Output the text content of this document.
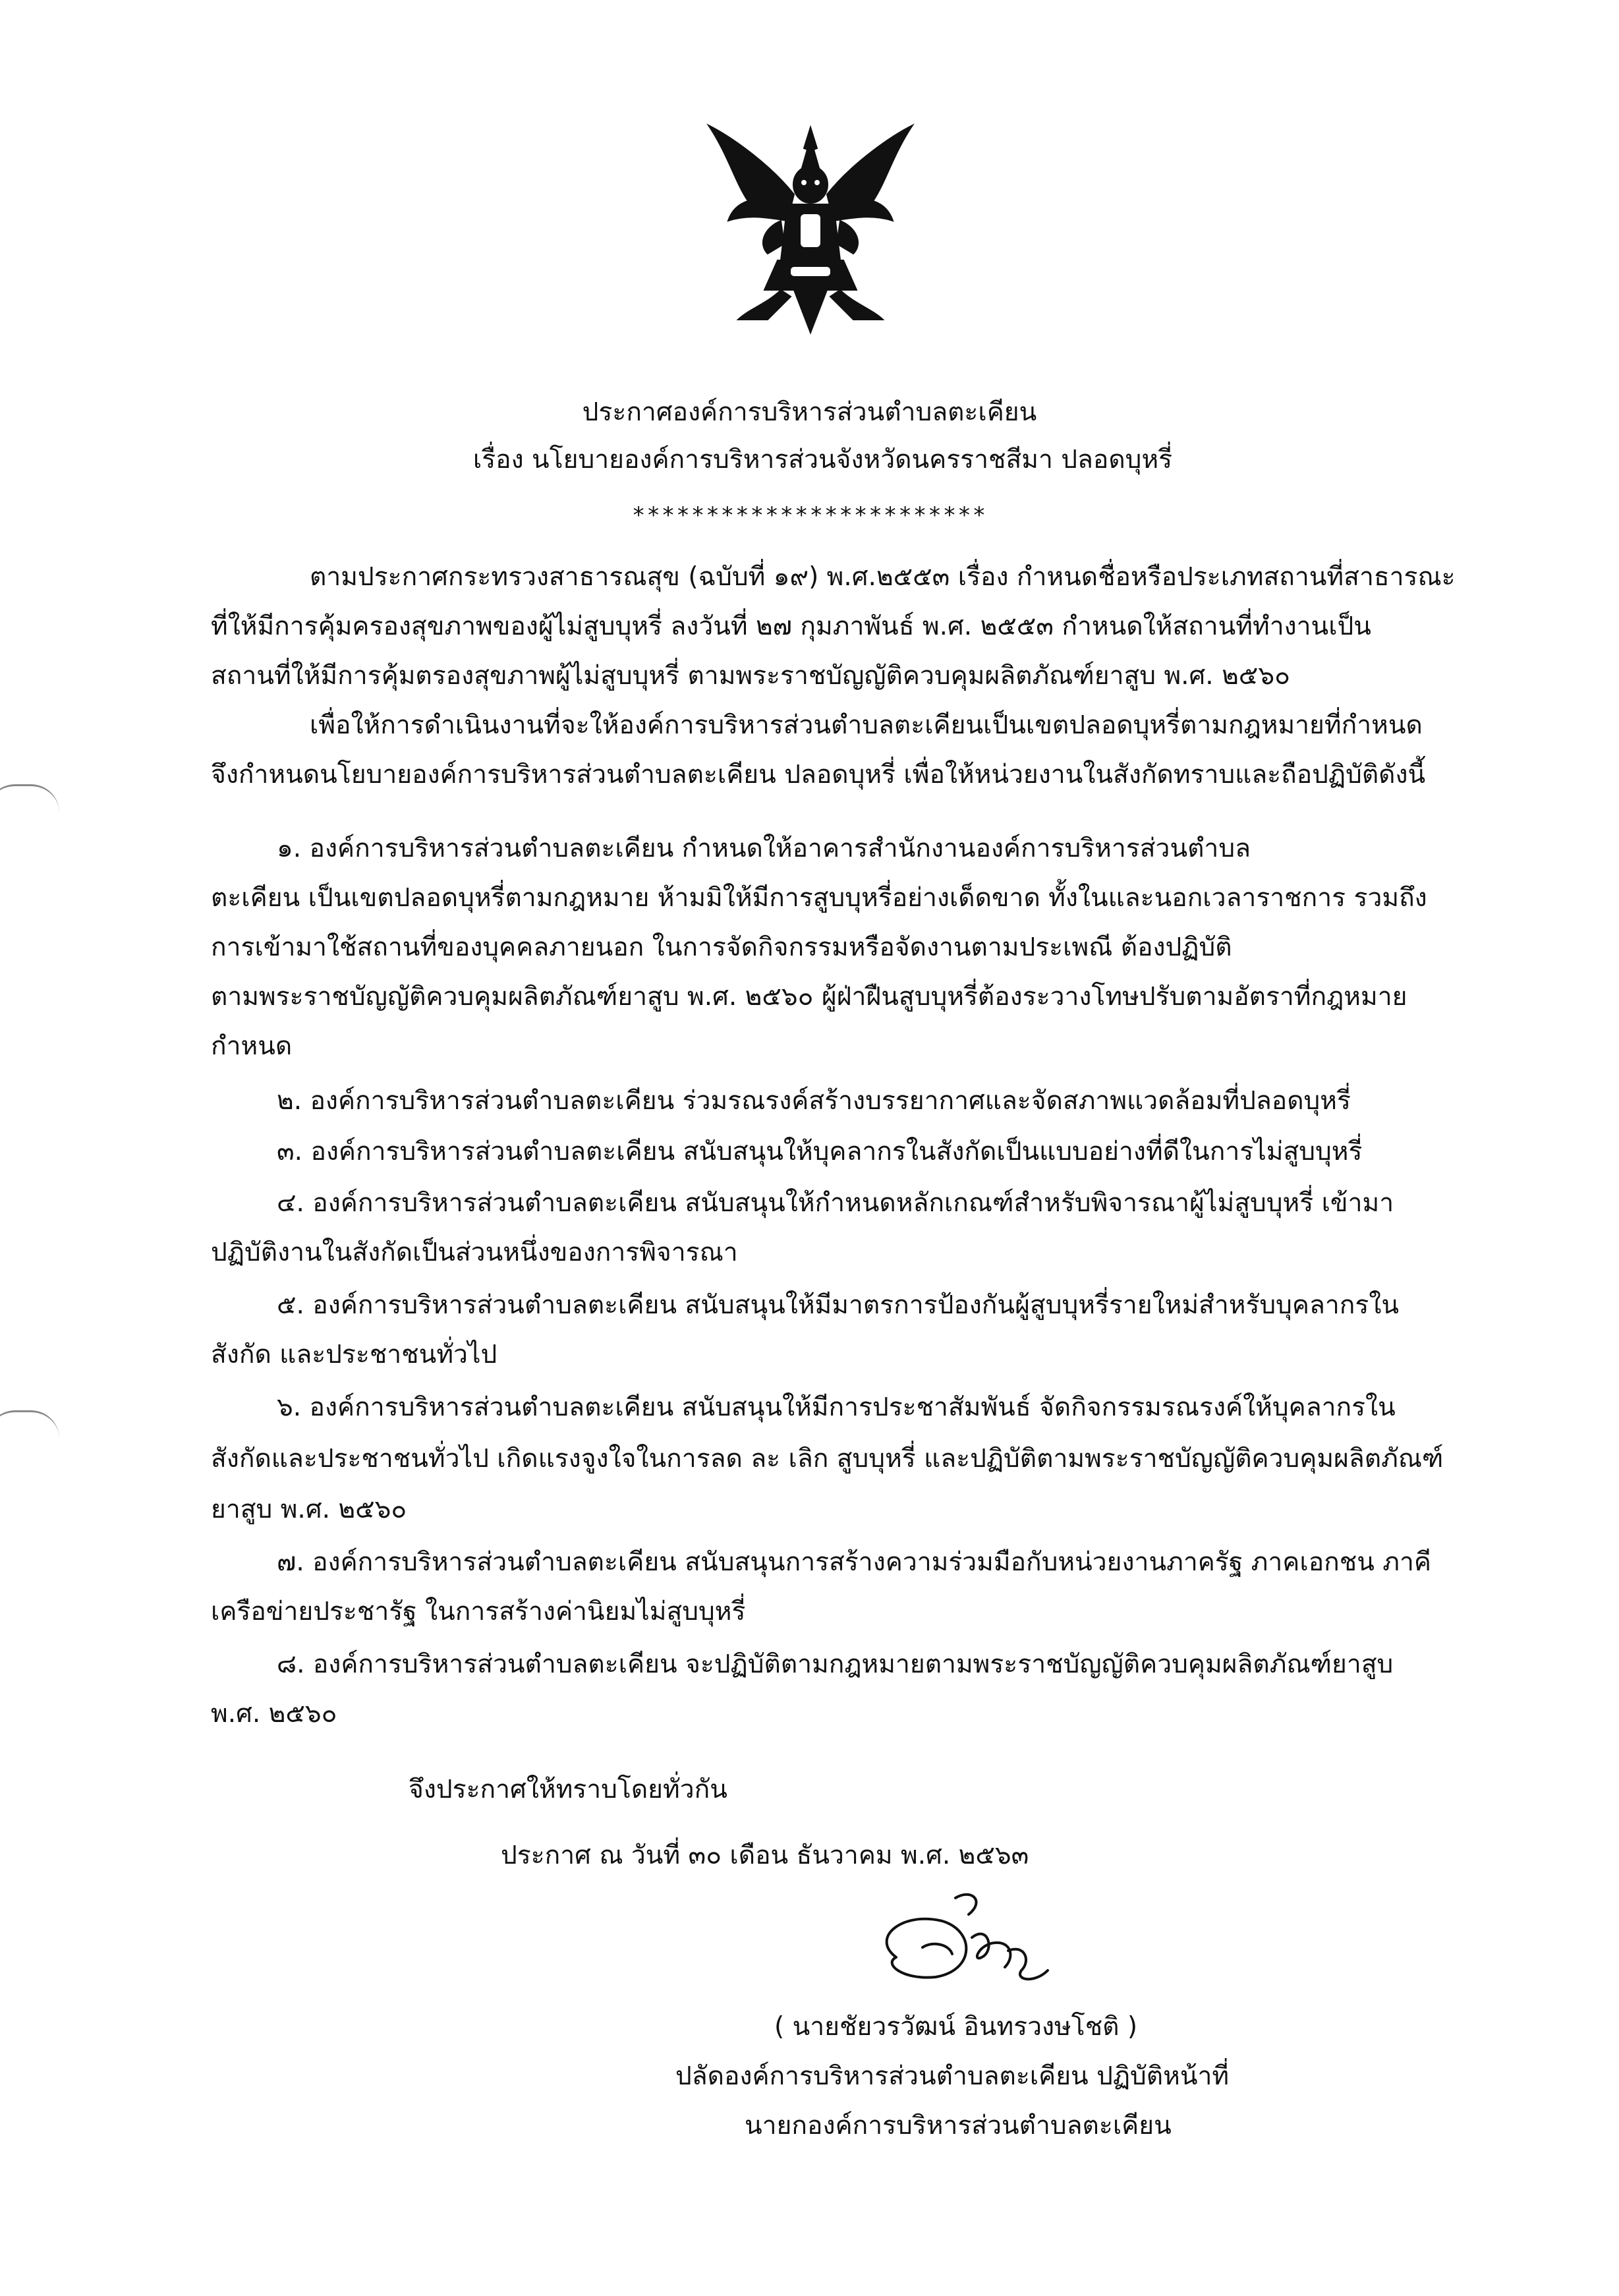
ประกาศองค์การบริหารส่วนตำบลตะเคียน
เรื่อง นโยบายองค์การบริหารส่วนจังหวัดนครราชสีมา ปลอดบุหรี่
************************
ตามประกาศกระทรวงสาธารณสุข (ฉบับที่ ๑๙) พ.ศ.๒๕๕๓ เรื่อง กำหนดชื่อหรือประเภทสถานที่สาธารณะ
ที่ให้มีการคุ้มครองสุขภาพของผู้ไม่สูบบุหรี่ ลงวันที่ ๒๗ กุมภาพันธ์ พ.ศ. ๒๕๕๓ กำหนดให้สถานที่ทำงานเป็น
สถานที่ให้มีการคุ้มตรองสุขภาพผู้ไม่สูบบุหรี่ ตามพระราชบัญญัติควบคุมผลิตภัณฑ์ยาสูบ พ.ศ. ๒๕๖๐
เพื่อให้การดำเนินงานที่จะให้องค์การบริหารส่วนตำบลตะเคียนเป็นเขตปลอดบุหรี่ตามกฎหมายที่กำหนด
จึงกำหนดนโยบายองค์การบริหารส่วนตำบลตะเคียน ปลอดบุหรี่ เพื่อให้หน่วยงานในสังกัดทราบและถือปฏิบัติดังนี้
๑. องค์การบริหารส่วนตำบลตะเคียน กำหนดให้อาคารสำนักงานองค์การบริหารส่วนตำบล
ตะเคียน เป็นเขตปลอดบุหรี่ตามกฎหมาย ห้ามมิให้มีการสูบบุหรี่อย่างเด็ดขาด ทั้งในและนอกเวลาราชการ รวมถึง
การเข้ามาใช้สถานที่ของบุคคลภายนอก ในการจัดกิจกรรมหรือจัดงานตามประเพณี ต้องปฏิบัติ
ตามพระราชบัญญัติควบคุมผลิตภัณฑ์ยาสูบ พ.ศ. ๒๕๖๐ ผู้ฝ่าฝืนสูบบุหรี่ต้องระวางโทษปรับตามอัตราที่กฎหมาย
กำหนด
๒. องค์การบริหารส่วนตำบลตะเคียน ร่วมรณรงค์สร้างบรรยากาศและจัดสภาพแวดล้อมที่ปลอดบุหรี่
๓. องค์การบริหารส่วนตำบลตะเคียน สนับสนุนให้บุคลากรในสังกัดเป็นแบบอย่างที่ดีในการไม่สูบบุหรี่
๔. องค์การบริหารส่วนตำบลตะเคียน สนับสนุนให้กำหนดหลักเกณฑ์สำหรับพิจารณาผู้ไม่สูบบุหรี่ เข้ามา
ปฏิบัติงานในสังกัดเป็นส่วนหนึ่งของการพิจารณา
๕. องค์การบริหารส่วนตำบลตะเคียน สนับสนุนให้มีมาตรการป้องกันผู้สูบบุหรี่รายใหม่สำหรับบุคลากรใน
สังกัด และประชาชนทั่วไป
๖. องค์การบริหารส่วนตำบลตะเคียน สนับสนุนให้มีการประชาสัมพันธ์ จัดกิจกรรมรณรงค์ให้บุคลากรใน
สังกัดและประชาชนทั่วไป เกิดแรงจูงใจในการลด ละ เลิก สูบบุหรี่ และปฏิบัติตามพระราชบัญญัติควบคุมผลิตภัณฑ์
ยาสูบ พ.ศ. ๒๕๖๐
๗. องค์การบริหารส่วนตำบลตะเคียน สนับสนุนการสร้างความร่วมมือกับหน่วยงานภาครัฐ ภาคเอกชน ภาคี
เครือข่ายประชารัฐ ในการสร้างค่านิยมไม่สูบบุหรี่
๘. องค์การบริหารส่วนตำบลตะเคียน จะปฏิบัติตามกฎหมายตามพระราชบัญญัติควบคุมผลิตภัณฑ์ยาสูบ
พ.ศ. ๒๕๖๐
จึงประกาศให้ทราบโดยทั่วกัน
ประกาศ ณ วันที่ ๓๐ เดือน ธันวาคม พ.ศ. ๒๕๖๓
( นายชัยวรวัฒน์ อินทรวงษโชติ )
ปลัดองค์การบริหารส่วนตำบลตะเคียน ปฏิบัติหน้าที่
นายกองค์การบริหารส่วนตำบลตะเคียน
